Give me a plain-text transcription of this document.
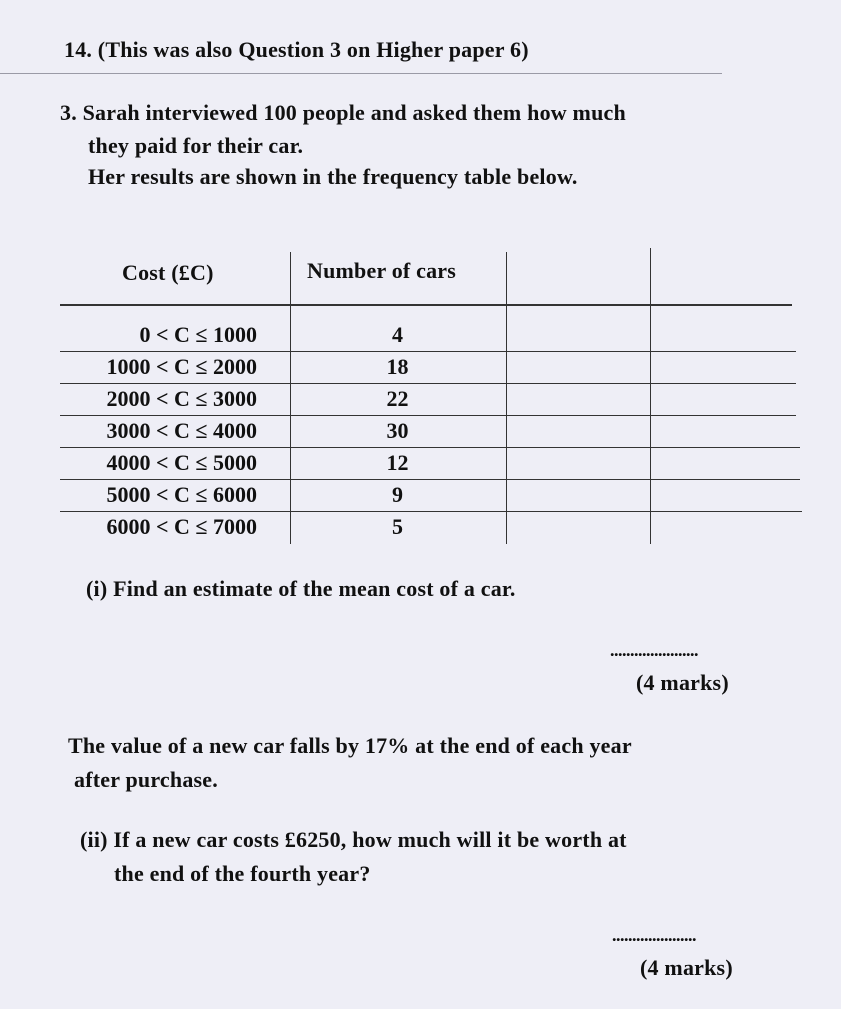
14. (This was also Question 3 on Higher paper 6)
3. Sarah interviewed 100 people and asked them how much
they paid for their car.
Her results are shown in the frequency table below.
Cost (£C)	Number of cars
0 < C ≤ 1000	4
1000 < C ≤ 2000	18
2000 < C ≤ 3000	22
3000 < C ≤ 4000	30
4000 < C ≤ 5000	12
5000 < C ≤ 6000	9
6000 < C ≤ 7000	5
(i) Find an estimate of the mean cost of a car.
......................
(4 marks)
The value of a new car falls by 17% at the end of each year
after purchase.
(ii) If a new car costs £6250, how much will it be worth at
the end of the fourth year?
.....................
(4 marks)
